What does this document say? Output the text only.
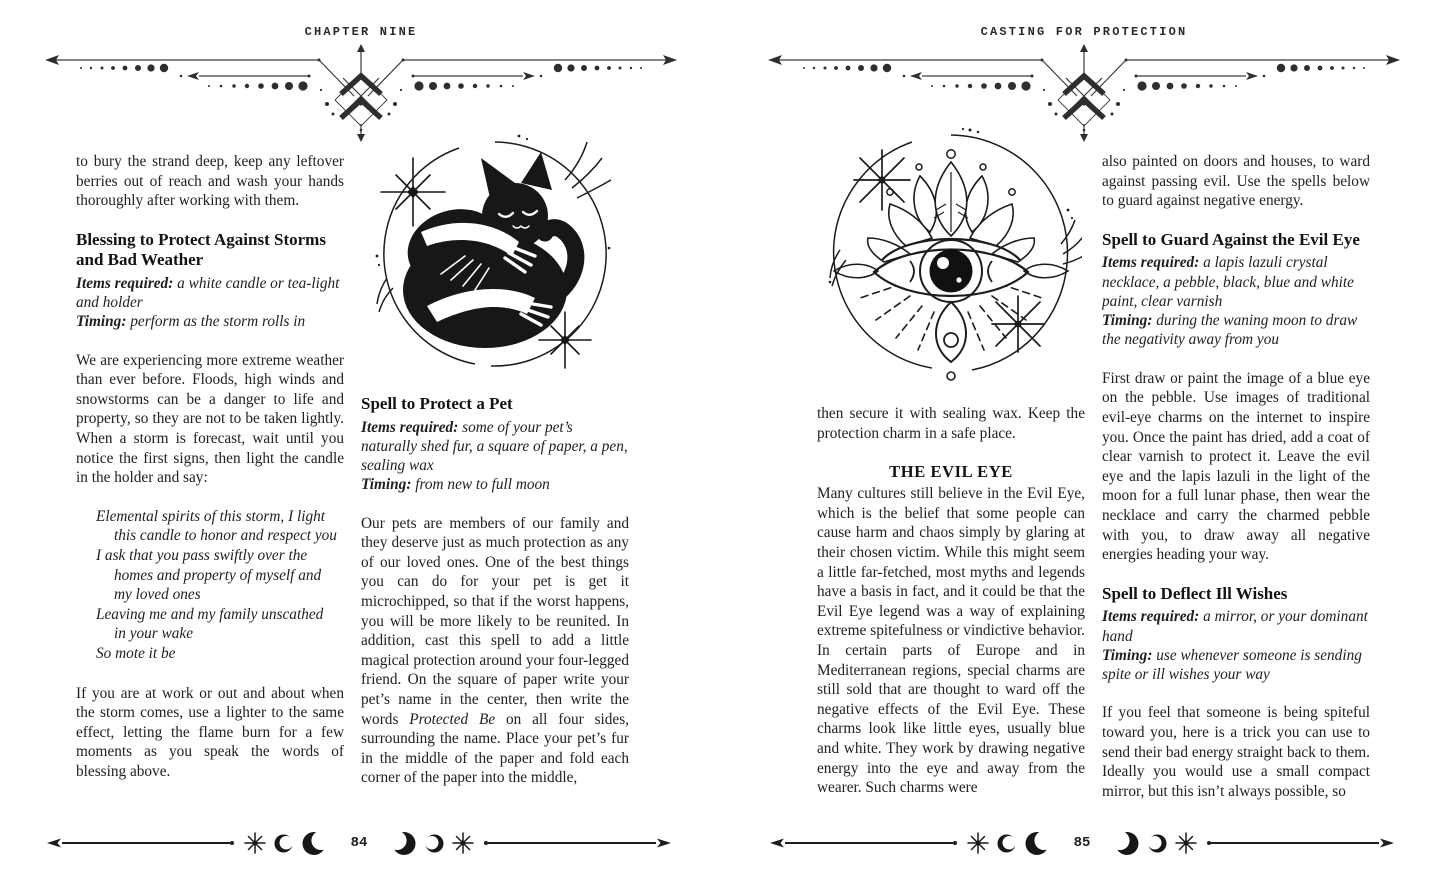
CHAPTER NINE

to bury the strand deep, keep any leftover berries out of reach and wash your hands thoroughly after working with them.

Blessing to Protect Against Storms and Bad Weather

Items required: a white candle or tea-light and holder

Timing: perform as the storm rolls in

We are experiencing more extreme weather than ever before. Floods, high winds and snowstorms can be a danger to life and property, so they are not to be taken lightly. When a storm is forecast, wait until you notice the first signs, then light the candle in the holder and say:

Elemental spirits of this storm, I light
this candle to honor and respect you
I ask that you pass swiftly over the
homes and property of myself and
my loved ones
Leaving me and my family unscathed
in your wake
So mote it be

If you are at work or out and about when the storm comes, use a lighter to the same effect, letting the flame burn for a few moments as you speak the words of blessing above.

Spell to Protect a Pet

Items required: some of your pet’s naturally shed fur, a square of paper, a pen, sealing wax

Timing: from new to full moon

Our pets are members of our family and they deserve just as much protection as any of our loved ones. One of the best things you can do for your pet is get it microchipped, so that if the worst happens, you will be more likely to be reunited. In addition, cast this spell to add a little magical protection around your four-legged friend. On the square of paper write your pet’s name in the center, then write the words Protected Be on all four sides, surrounding the name. Place your pet’s fur in the middle of the paper and fold each corner of the paper into the middle,

84
CASTING FOR PROTECTION

then secure it with sealing wax. Keep the protection charm in a safe place.

THE EVIL EYE

Many cultures still believe in the Evil Eye, which is the belief that some people can cause harm and chaos simply by glaring at their chosen victim. While this might seem a little far-fetched, most myths and legends have a basis in fact, and it could be that the Evil Eye legend was a way of explaining extreme spitefulness or vindictive behavior. In certain parts of Europe and in Mediterranean regions, special charms are still sold that are thought to ward off the negative effects of the Evil Eye. These charms look like little eyes, usually blue and white. They work by drawing negative energy into the eye and away from the wearer. Such charms were

also painted on doors and houses, to ward against passing evil. Use the spells below to guard against negative energy.

Spell to Guard Against the Evil Eye

Items required: a lapis lazuli crystal necklace, a pebble, black, blue and white paint, clear varnish

Timing: during the waning moon to draw the negativity away from you

First draw or paint the image of a blue eye on the pebble. Use images of traditional evil-eye charms on the internet to inspire you. Once the paint has dried, add a coat of clear varnish to protect it. Leave the evil eye and the lapis lazuli in the light of the moon for a full lunar phase, then wear the necklace and carry the charmed pebble with you, to draw away all negative energies heading your way.

Spell to Deflect Ill Wishes

Items required: a mirror, or your dominant hand

Timing: use whenever someone is sending spite or ill wishes your way

If you feel that someone is being spiteful toward you, here is a trick you can use to send their bad energy straight back to them. Ideally you would use a small compact mirror, but this isn’t always possible, so

85
